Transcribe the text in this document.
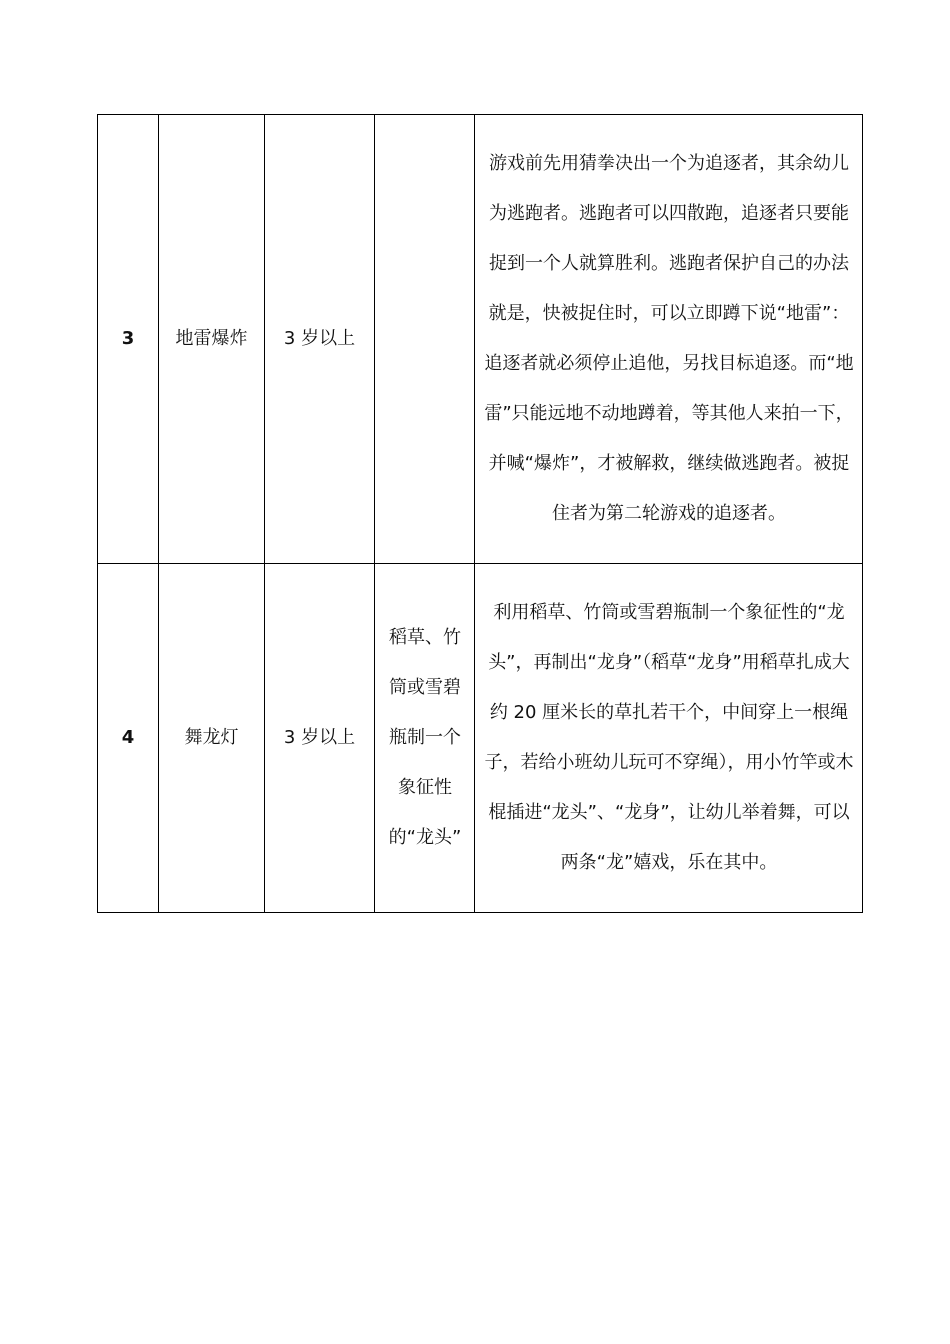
3	地雷爆炸	3 岁以上		游戏前先用猜拳决出一个为追逐者，其余幼儿为逃跑者。逃跑者可以四散跑，追逐者只要能捉到一个人就算胜利。逃跑者保护自己的办法就是，快被捉住时，可以立即蹲下说“地雷”：追逐者就必须停止追他，另找目标追逐。而“地雷”只能远地不动地蹲着，等其他人来拍一下，并喊“爆炸”，才被解救，继续做逃跑者。被捉住者为第二轮游戏的追逐者。

4	舞龙灯	3 岁以上	稻草、竹筒或雪碧瓶制一个象征性的“龙头”	利用稻草、竹筒或雪碧瓶制一个象征性的“龙头”，再制出“龙身”（稻草“龙身”用稻草扎成大约 20 厘米长的草扎若干个，中间穿上一根绳子，若给小班幼儿玩可不穿绳），用小竹竿或木棍插进“龙头”、“龙身”，让幼儿举着舞，可以两条“龙”嬉戏，乐在其中。
